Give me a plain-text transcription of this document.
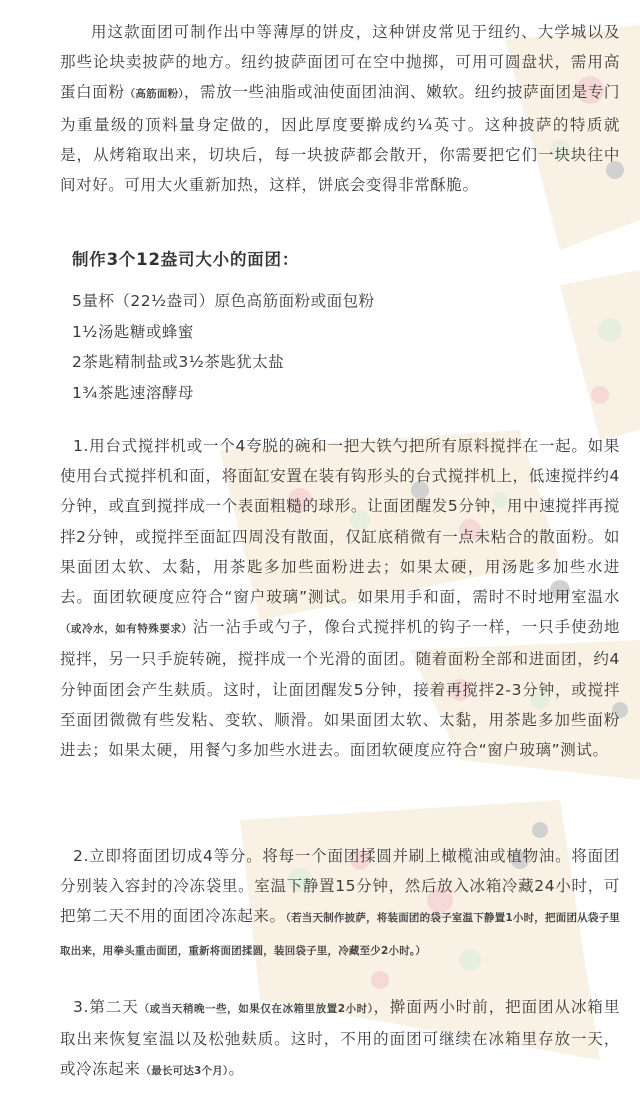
用这款面团可制作出中等薄厚的饼皮，这种饼皮常见于纽约、大学城以及那些论块卖披萨的地方。纽约披萨面团可在空中抛掷，可用可圆盘状，需用高蛋白面粉（高筋面粉），需放一些油脂或油使面团油润、嫩软。纽约披萨面团是专门为重量级的顶料量身定做的，因此厚度要擀成约¼英寸。这种披萨的特质就是，从烤箱取出来，切块后，每一块披萨都会散开，你需要把它们一块块往中间对好。可用大火重新加热，这样，饼底会变得非常酥脆。

制作3个12盎司大小的面团：
5量杯（22½盎司）原色高筋面粉或面包粉
1½汤匙糖或蜂蜜
2茶匙精制盐或3½茶匙犹太盐
1¾茶匙速溶酵母

1.用台式搅拌机或一个4夸脱的碗和一把大铁勺把所有原料搅拌在一起。如果使用台式搅拌机和面，将面缸安置在装有钩形头的台式搅拌机上，低速搅拌约4分钟，或直到搅拌成一个表面粗糙的球形。让面团醒发5分钟，用中速搅拌再搅拌2分钟，或搅拌至面缸四周没有散面，仅缸底稍微有一点未粘合的散面粉。如果面团太软、太黏，用茶匙多加些面粉进去；如果太硬，用汤匙多加些水进去。面团软硬度应符合“窗户玻璃”测试。如果用手和面，需时不时地用室温水（或冷水，如有特殊要求）沾一沾手或勺子，像台式搅拌机的钩子一样，一只手使劲地搅拌，另一只手旋转碗，搅拌成一个光滑的面团。随着面粉全部和进面团，约4分钟面团会产生麸质。这时，让面团醒发5分钟，接着再搅拌2-3分钟，或搅拌至面团微微有些发粘、变软、顺滑。如果面团太软、太黏，用茶匙多加些面粉进去；如果太硬，用餐勺多加些水进去。面团软硬度应符合“窗户玻璃”测试。

2.立即将面团切成4等分。将每一个面团揉圆并刷上橄榄油或植物油。将面团分别装入容封的冷冻袋里。室温下静置15分钟，然后放入冰箱冷藏24小时，可把第二天不用的面团冷冻起来。（若当天制作披萨，将装面团的袋子室温下静置1小时，把面团从袋子里取出来，用拳头重击面团，重新将面团揉圆，装回袋子里，冷藏至少2小时。）

3.第二天（或当天稍晚一些，如果仅在冰箱里放置2小时），擀面两小时前，把面团从冰箱里取出来恢复室温以及松弛麸质。这时，不用的面团可继续在冰箱里存放一天，或冷冻起来（最长可达3个月）。
